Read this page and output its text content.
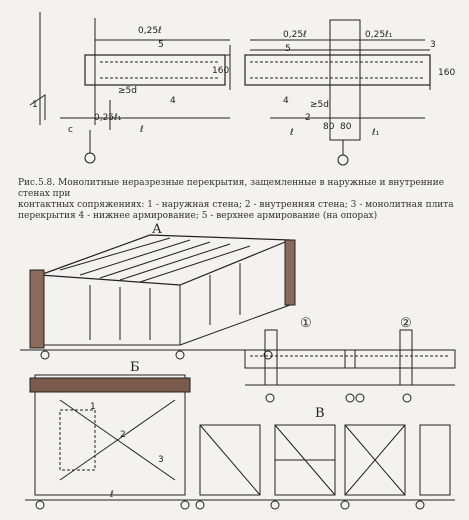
0,25ℓ
5
4
160
1
ℓ
с
0,25ℓ₁
≥5d
0,25ℓ	0,25ℓ₁
5	3
160
4 ≥5d
2
80 80
ℓ	ℓ₁
Рис.5.8. Монолитные неразрезные перекрытия, защемленные в наружные и внутренние стенах при
контактных сопряжениях: 1 - наружная стена; 2 - внутренняя стена; 3 - монолитная плита перекрытия 4 - нижнее армирование; 5 - верхнее армирование (на опорах)
А
Б
В
①	②
1
2
3
ℓ
